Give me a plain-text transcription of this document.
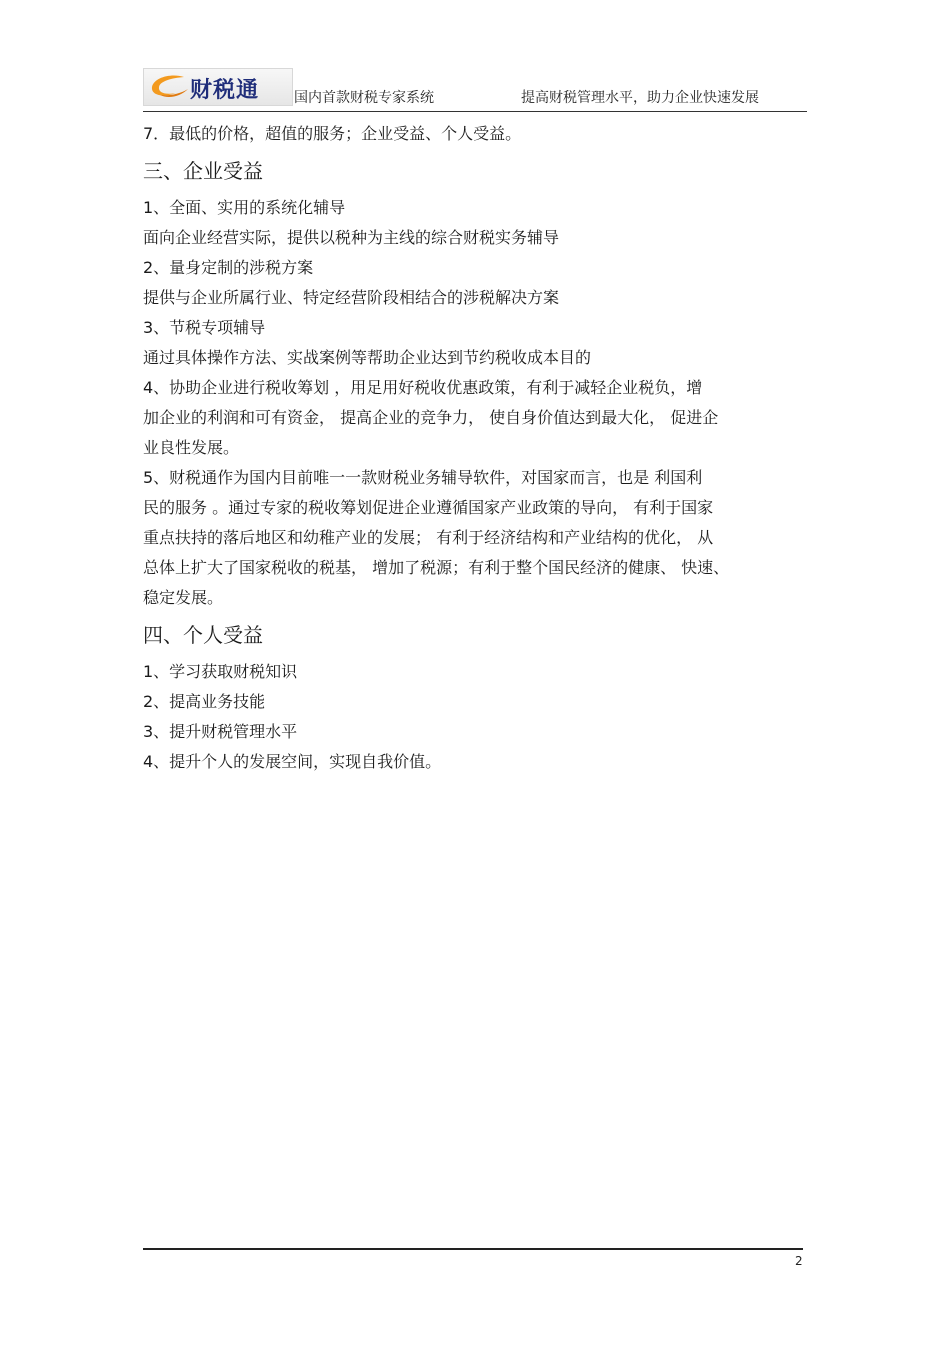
财税通 国内首款财税专家系统	提高财税管理水平，助力企业快速发展
7．最低的价格，超值的服务；企业受益、个人受益。
三、企业受益
1、全面、实用的系统化辅导
面向企业经营实际，提供以税种为主线的综合财税实务辅导
2、量身定制的涉税方案
提供与企业所属行业、特定经营阶段相结合的涉税解决方案
3、节税专项辅导
通过具体操作方法、实战案例等帮助企业达到节约税收成本目的
4、协助企业进行税收筹划 ，用足用好税收优惠政策，有利于减轻企业税负，增
加企业的利润和可有资金， 提高企业的竞争力， 使自身价值达到最大化， 促进企
业良性发展。
5、财税通作为国内目前唯一一款财税业务辅导软件，对国家而言，也是 利国利
民的服务 。通过专家的税收筹划促进企业遵循国家产业政策的导向， 有利于国家
重点扶持的落后地区和幼稚产业的发展； 有利于经济结构和产业结构的优化， 从
总体上扩大了国家税收的税基， 增加了税源；有利于整个国民经济的健康、 快速、
稳定发展。
四、个人受益
1、学习获取财税知识
2、提高业务技能
3、提升财税管理水平
4、提升个人的发展空间，实现自我价值。
2
